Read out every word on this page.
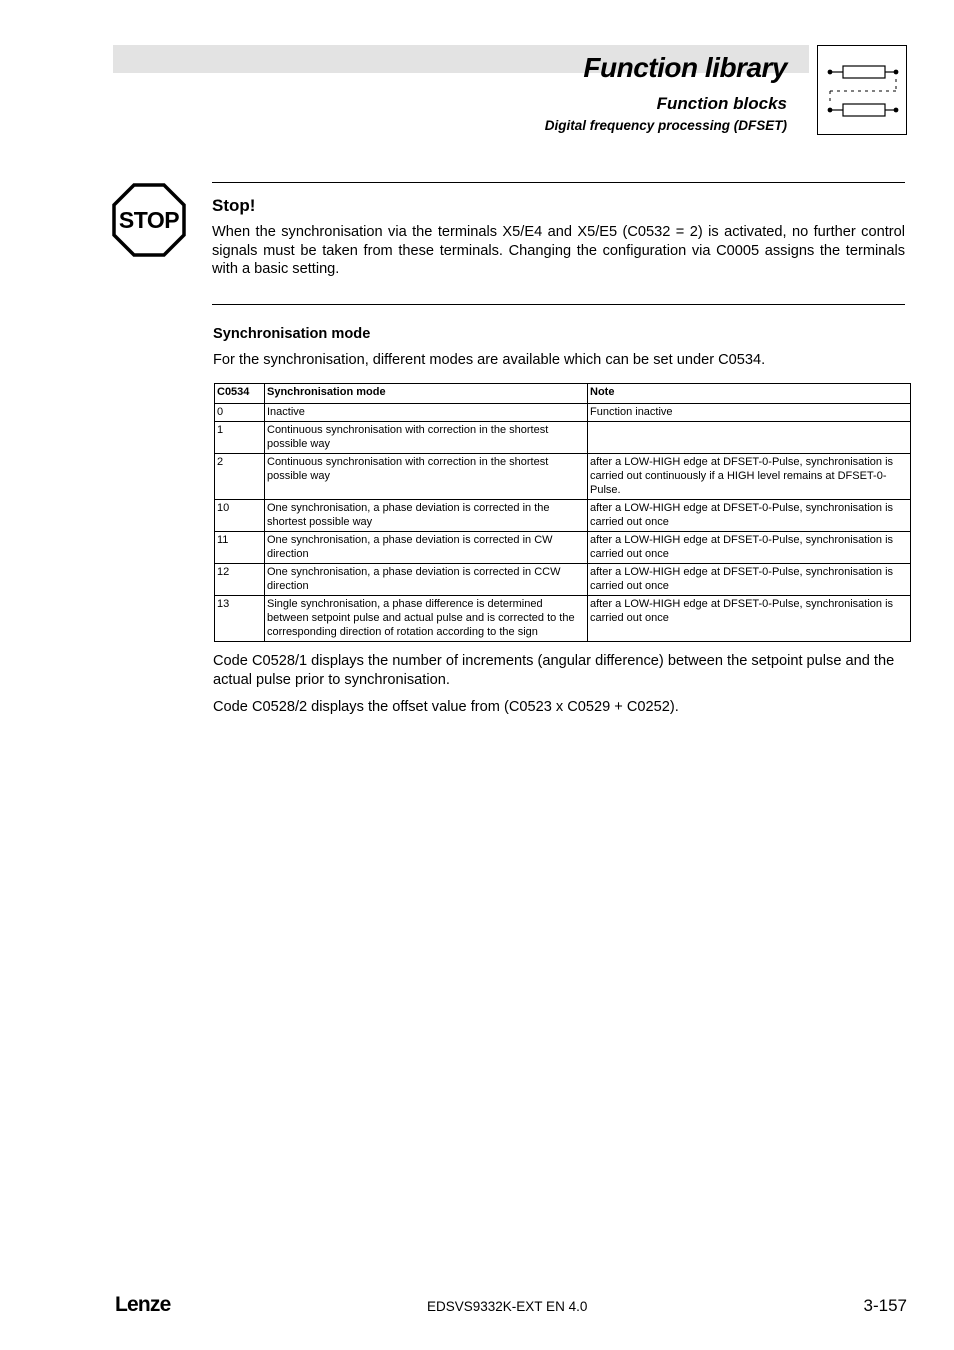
Function library
Function blocks
Digital frequency processing (DFSET)
STOP
Stop!
When the synchronisation via the terminals X5/E4 and X5/E5 (C0532 = 2) is activated, no further control signals must be taken from these terminals. Changing the configuration via C0005 assigns the terminals with a basic setting.
Synchronisation mode
For the synchronisation, different modes are available which can be set under C0534.
C0534	Synchronisation mode	Note
0	Inactive	Function inactive
1	Continuous synchronisation with correction in the shortest possible way	
2	Continuous synchronisation with correction in the shortest possible way	after a LOW-HIGH edge at DFSET-0-Pulse, synchronisation is carried out continuously if a HIGH level remains at DFSET-0-Pulse.
10	One synchronisation, a phase deviation is corrected in the shortest possible way	after a LOW-HIGH edge at DFSET-0-Pulse, synchronisation is carried out once
11	One synchronisation, a phase deviation is corrected in CW direction	after a LOW-HIGH edge at DFSET-0-Pulse, synchronisation is carried out once
12	One synchronisation, a phase deviation is corrected in CCW direction	after a LOW-HIGH edge at DFSET-0-Pulse, synchronisation is carried out once
13	Single synchronisation, a phase difference is determined between setpoint pulse and actual pulse and is corrected to the corresponding direction of rotation according to the sign	after a LOW-HIGH edge at DFSET-0-Pulse, synchronisation is carried out once
Code C0528/1 displays the number of increments (angular difference) between the setpoint pulse and the actual pulse prior to synchronisation.
Code C0528/2 displays the offset value from (C0523 x C0529 + C0252).
Lenze	EDSVS9332K-EXT EN 4.0	3-157
